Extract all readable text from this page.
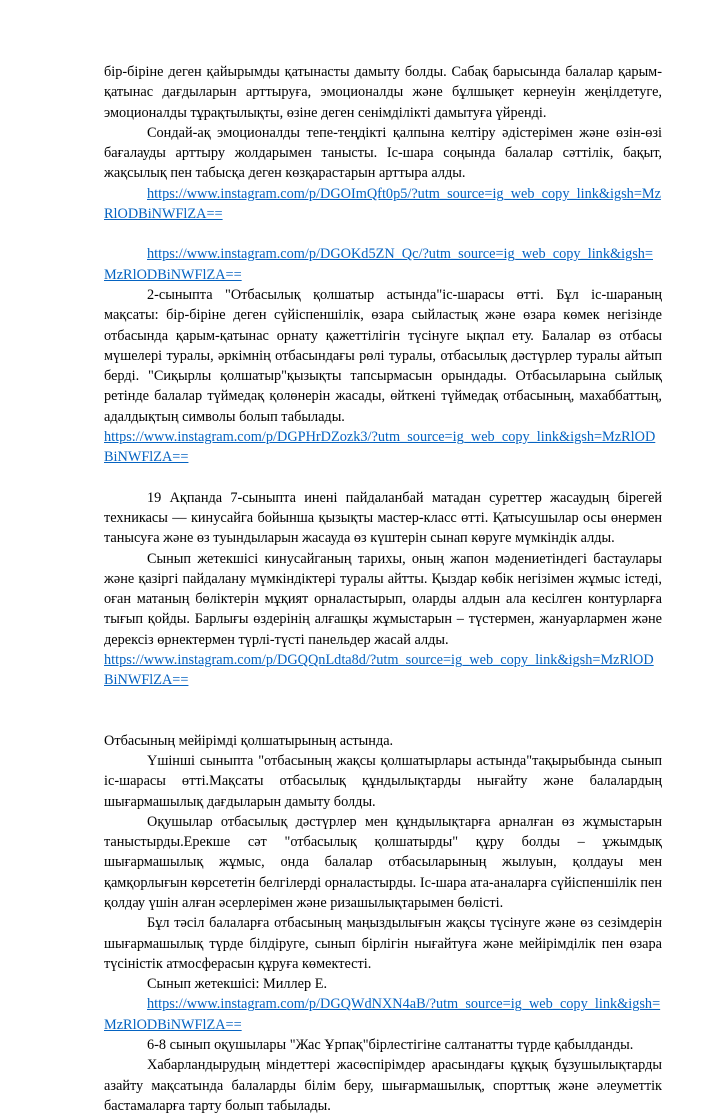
бір-біріне деген қайырымды қатынасты дамыту болды. Сабақ барысында балалар қарым-қатынас дағдыларын арттыруға, эмоционалды және бұлшықет кернеуін жеңілдетуге, эмоционалды тұрақтылықты, өзіне деген сенімділікті дамытуға үйренді.

Сондай-ақ эмоционалды тепе-теңдікті қалпына келтіру әдістерімен және өзін-өзі бағалауды арттыру жолдарымен танысты. Іс-шара соңында балалар сәттілік, бақыт, жақсылық пен табысқа деген көзқарастарын арттыра алды.

https://www.instagram.com/p/DGOImQft0p5/?utm_source=ig_web_copy_link&igsh=MzRlODBiNWFlZA==

https://www.instagram.com/p/DGOKd5ZN_Qc/?utm_source=ig_web_copy_link&igsh=MzRlODBiNWFlZA==

2-сыныпта "Отбасылық қолшатыр астында"іс-шарасы өтті. Бұл іс-шараның мақсаты: бір-біріне деген сүйіспеншілік, өзара сыйластық және өзара көмек негізінде отбасында қарым-қатынас орнату қажеттілігін түсінуге ықпал ету. Балалар өз отбасы мүшелері туралы, әркімнің отбасындағы рөлі туралы, отбасылық дәстүрлер туралы айтып берді. "Сиқырлы қолшатыр"қызықты тапсырмасын орындады. Отбасыларына сыйлық ретінде балалар түймедақ қолөнерін жасады, өйткені түймедақ отбасының, махаббаттың, адалдықтың символы болып табылады.

https://www.instagram.com/p/DGPHrDZozk3/?utm_source=ig_web_copy_link&igsh=MzRlODBiNWFlZA==

19 Ақпанда 7-сыныпта инені пайдаланбай матадан суреттер жасаудың бірегей техникасы — кинусайга бойынша қызықты мастер-класс өтті. Қатысушылар осы өнермен танысуға және өз туындыларын жасауда өз күштерін сынап көруге мүмкіндік алды.

Сынып жетекшісі кинусайганың тарихы, оның жапон мәдениетіндегі бастаулары және қазіргі пайдалану мүмкіндіктері туралы айтты. Қыздар көбік негізімен жұмыс істеді, оған матаның бөліктерін мұқият орналастырып, оларды алдын ала кесілген контурларға тығып қойды. Барлығы өздерінің алғашқы жұмыстарын – түстермен, жануарлармен және дерексіз өрнектермен түрлі-түсті панельдер жасай алды.

https://www.instagram.com/p/DGQQnLdta8d/?utm_source=ig_web_copy_link&igsh=MzRlODBiNWFlZA==

Отбасының мейірімді қолшатырының астында.

Үшінші сыныпта "отбасының жақсы қолшатырлары астында"тақырыбында сынып іс-шарасы өтті.Мақсаты отбасылық құндылықтарды нығайту және балалардың шығармашылық дағдыларын дамыту болды.

Оқушылар отбасылық дәстүрлер мен құндылықтарға арналған өз жұмыстарын таныстырды.Ерекше сәт "отбасылық қолшатырды" құру болды – ұжымдық шығармашылық жұмыс, онда балалар отбасыларының жылуын, қолдауы мен қамқорлығын көрсететін белгілерді орналастырды. Іс-шара ата-аналарға сүйіспеншілік пен қолдау үшін алған әсерлерімен және ризашылықтарымен бөлісті.

Бұл тәсіл балаларға отбасының маңыздылығын жақсы түсінуге және өз сезімдерін шығармашылық түрде білдіруге, сынып бірлігін нығайтуға және мейірімділік пен өзара түсіністік атмосферасын құруға көмектесті.

Сынып жетекшісі: Миллер Е.

https://www.instagram.com/p/DGQWdNXN4aB/?utm_source=ig_web_copy_link&igsh=MzRlODBiNWFlZA==

6-8 сынып оқушылары "Жас Ұрпақ"бірлестігіне салтанатты түрде қабылданды.

Хабарландырудың міндеттері жасөспірімдер арасындағы құқық бұзушылықтарды азайту мақсатында балаларды білім беру, шығармашылық, спорттық және әлеуметтік бастамаларға тарту болып табылады.
